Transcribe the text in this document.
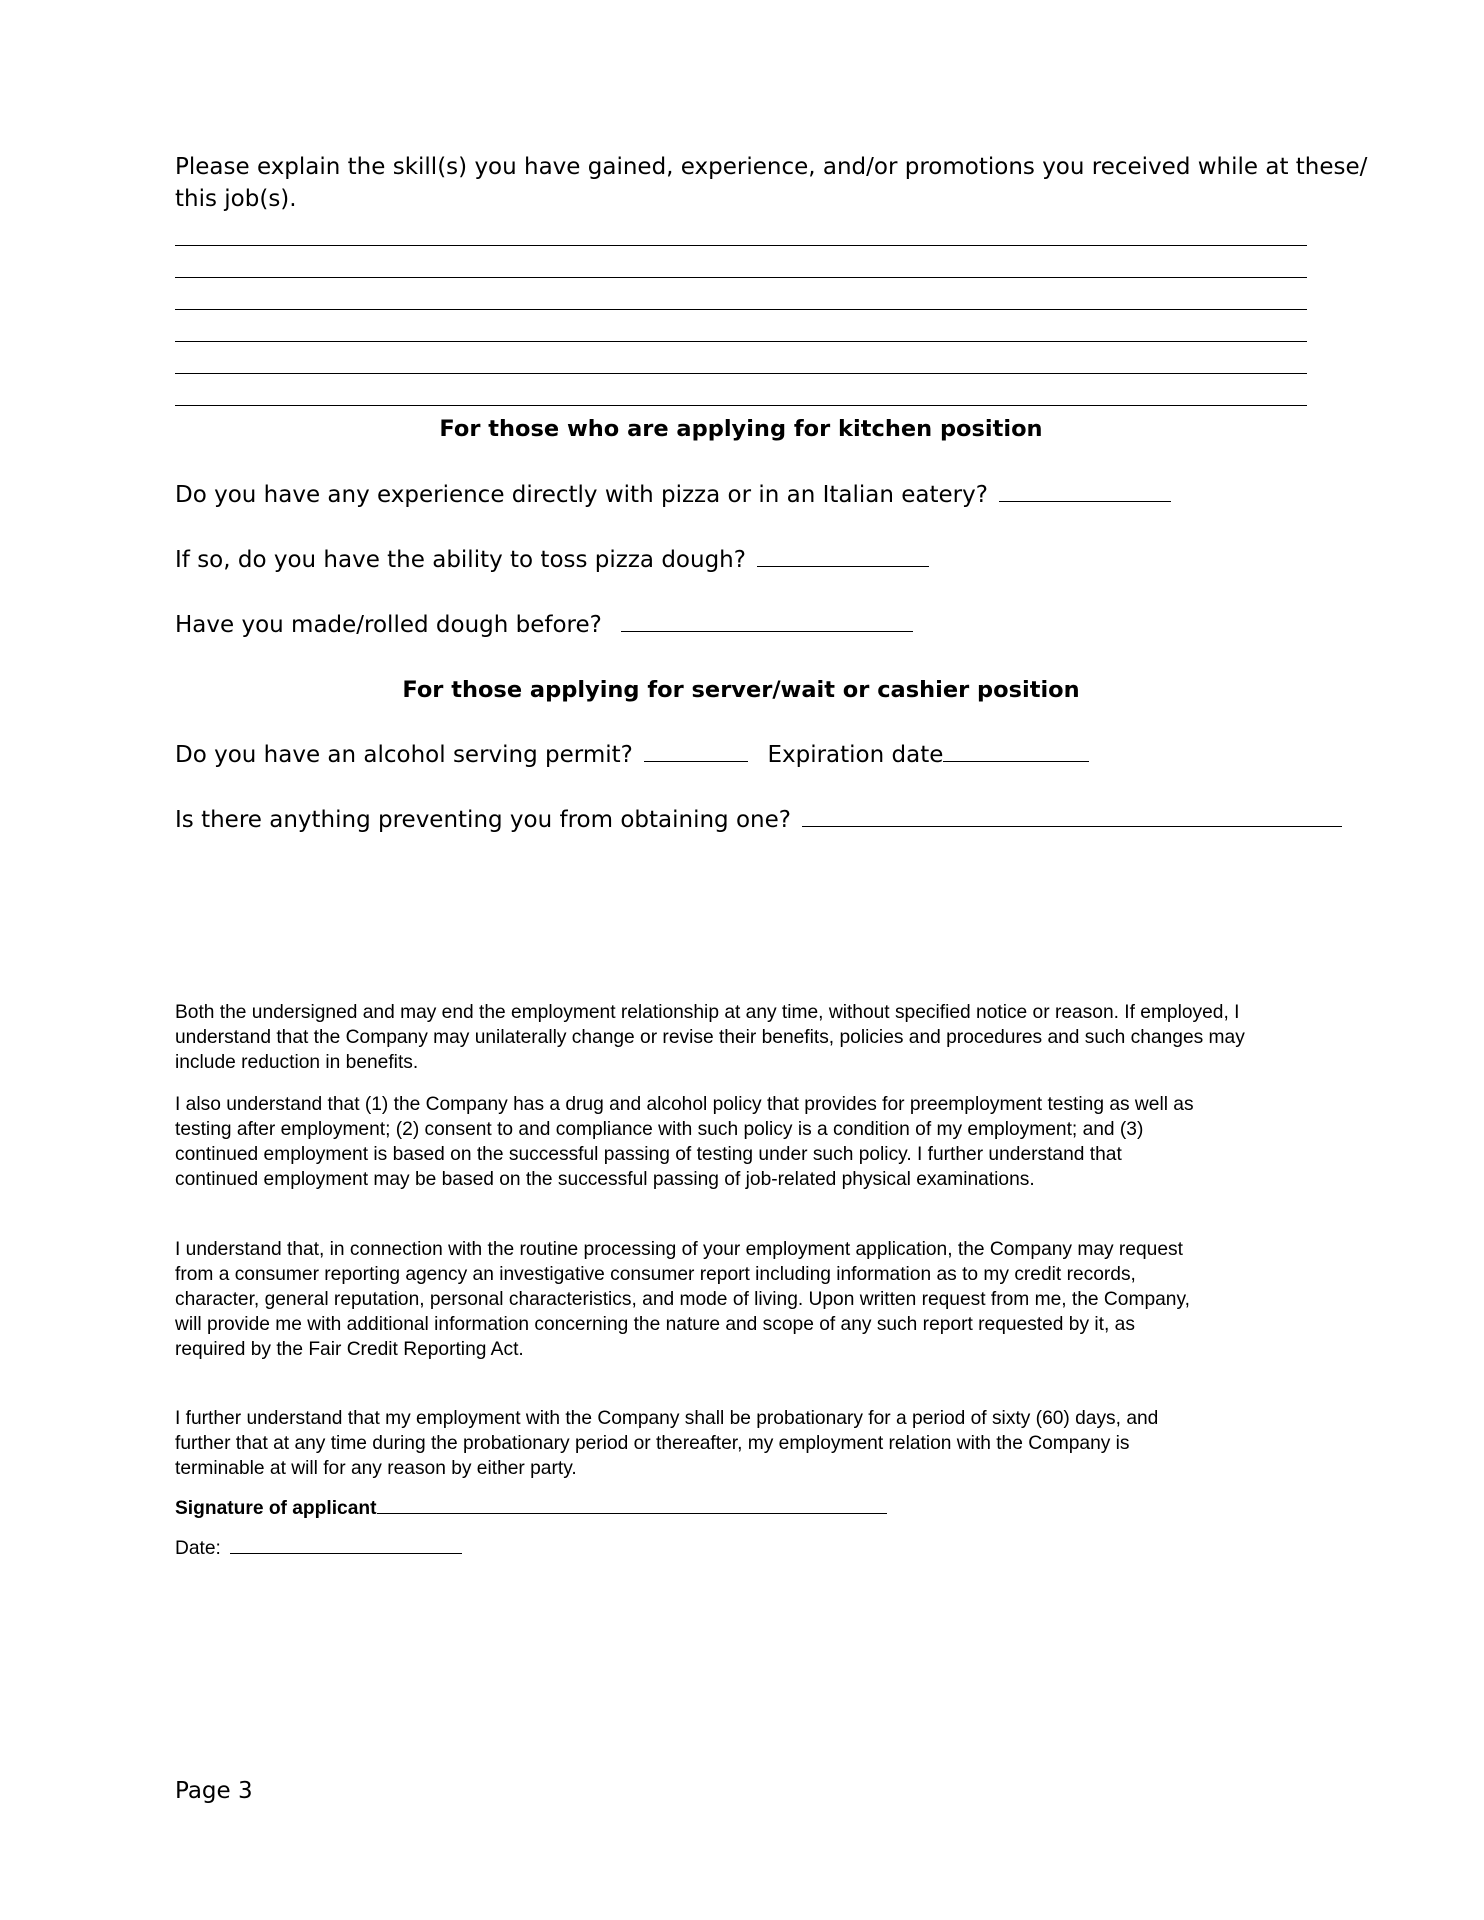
Please explain the skill(s) you have gained, experience, and/or promotions you received while at these/
this job(s).
For those who are applying for kitchen position
Do you have any experience directly with pizza or in an Italian eatery?
If so, do you have the ability to toss pizza dough?
Have you made/rolled dough before?
For those applying for server/wait or cashier position
Do you have an alcohol serving permit?	Expiration date
Is there anything preventing you from obtaining one?

Both the undersigned and may end the employment relationship at any time, without specified notice or reason. If employed, I understand that the Company may unilaterally change or revise their benefits, policies and procedures and such changes may include reduction in benefits.

I also understand that (1) the Company has a drug and alcohol policy that provides for preemployment testing as well as testing after employment; (2) consent to and compliance with such policy is a condition of my employment; and (3) continued employment is based on the successful passing of testing under such policy. I further understand that continued employment may be based on the successful passing of job-related physical examinations.

I understand that, in connection with the routine processing of your employment application, the Company may request from a consumer reporting agency an investigative consumer report including information as to my credit records, character, general reputation, personal characteristics, and mode of living. Upon written request from me, the Company, will provide me with additional information concerning the nature and scope of any such report requested by it, as required by the Fair Credit Reporting Act.

I further understand that my employment with the Company shall be probationary for a period of sixty (60) days, and further that at any time during the probationary period or thereafter, my employment relation with the Company is terminable at will for any reason by either party.

Signature of applicant
Date:
Page 3
